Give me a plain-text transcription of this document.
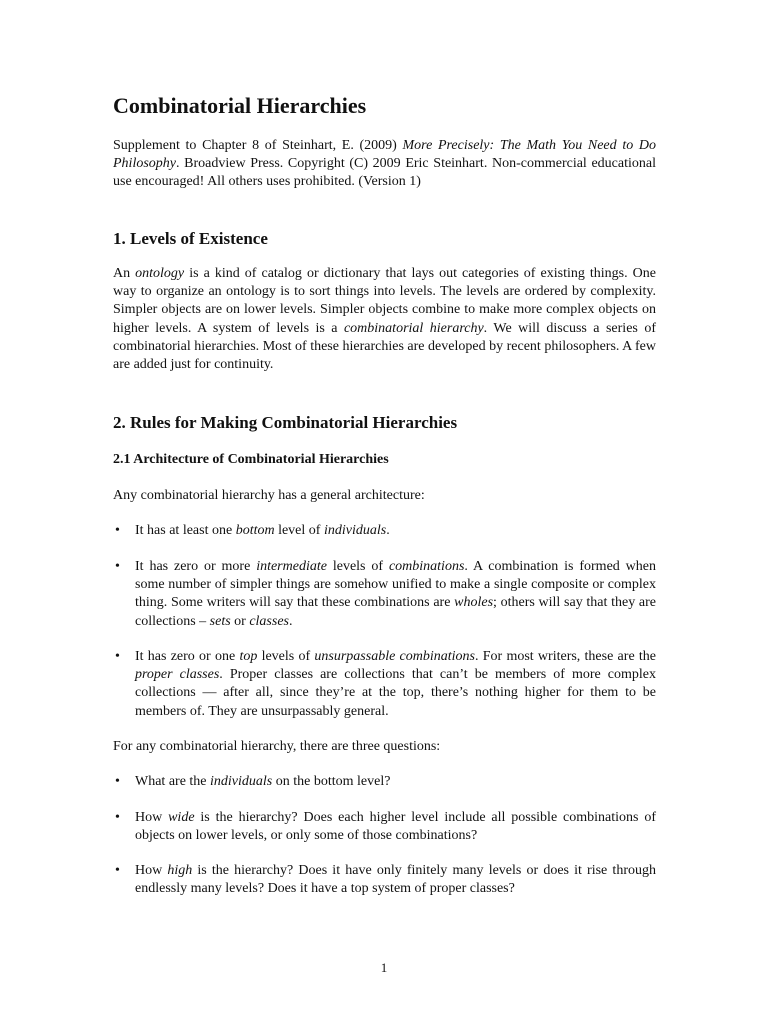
Combinatorial Hierarchies

Supplement to Chapter 8 of Steinhart, E. (2009) More Precisely: The Math You Need to Do Philosophy. Broadview Press. Copyright (C) 2009 Eric Steinhart. Non-commercial educational use encouraged! All others uses prohibited. (Version 1)

1. Levels of Existence

An ontology is a kind of catalog or dictionary that lays out categories of existing things. One way to organize an ontology is to sort things into levels. The levels are ordered by complexity. Simpler objects are on lower levels. Simpler objects combine to make more complex objects on higher levels. A system of levels is a combinatorial hierarchy. We will discuss a series of combinatorial hierarchies. Most of these hierarchies are developed by recent philosophers. A few are added just for continuity.

2. Rules for Making Combinatorial Hierarchies
2.1 Architecture of Combinatorial Hierarchies

Any combinatorial hierarchy has a general architecture:

• It has at least one bottom level of individuals.
• It has zero or more intermediate levels of combinations. A combination is formed when some number of simpler things are somehow unified to make a single composite or complex thing. Some writers will say that these combinations are wholes; others will say that they are collections – sets or classes.
• It has zero or one top levels of unsurpassable combinations. For most writers, these are the proper classes. Proper classes are collections that can’t be members of more complex collections — after all, since they’re at the top, there’s nothing higher for them to be members of. They are unsurpassably general.

For any combinatorial hierarchy, there are three questions:

• What are the individuals on the bottom level?
• How wide is the hierarchy? Does each higher level include all possible combinations of objects on lower levels, or only some of those combinations?
• How high is the hierarchy? Does it have only finitely many levels or does it rise through endlessly many levels? Does it have a top system of proper classes?
1
